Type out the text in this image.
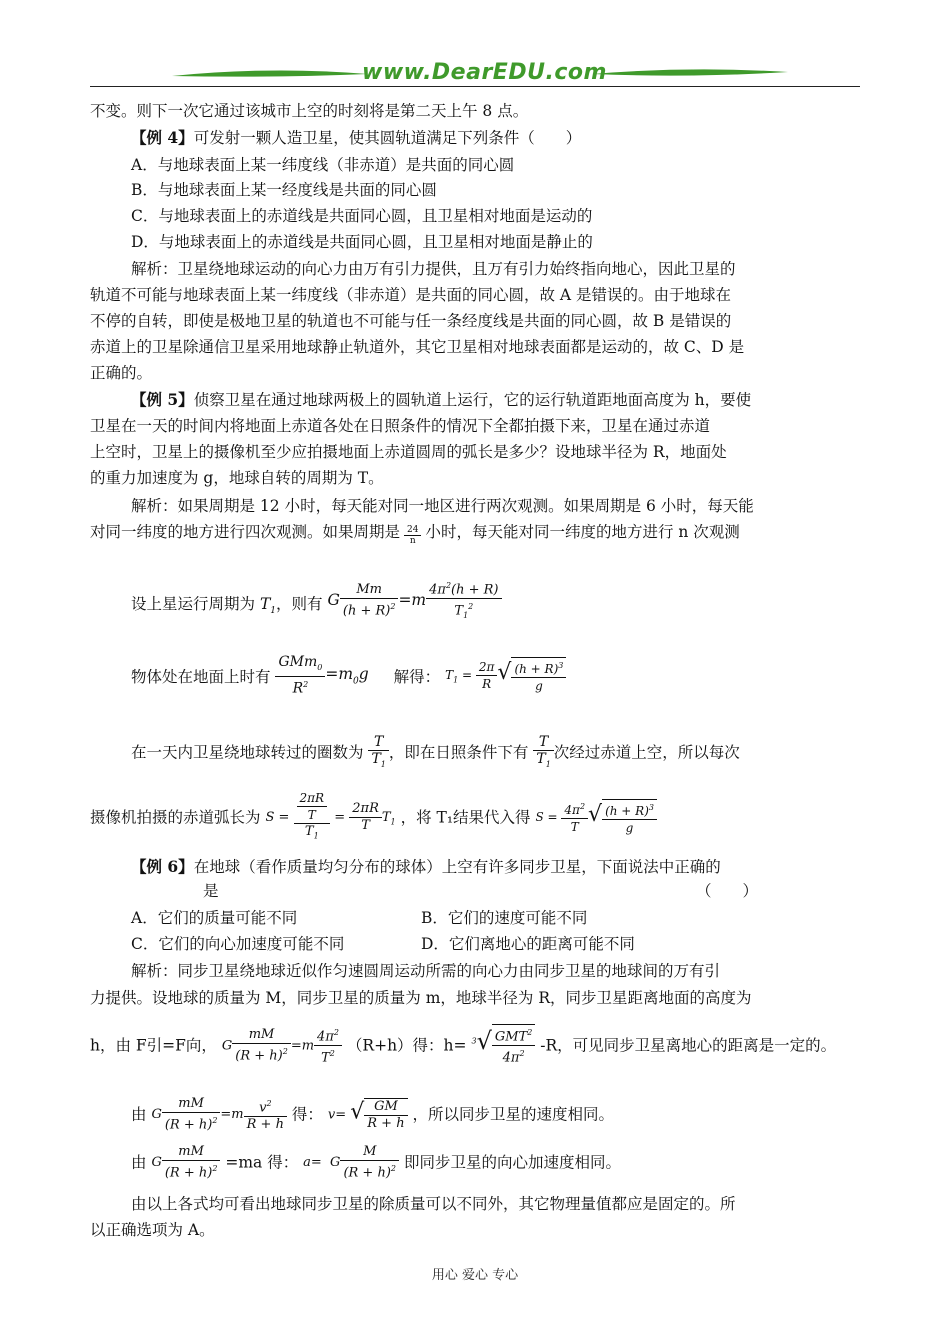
www.DearEDU.com
不变。则下一次它通过该城市上空的时刻将是第二天上午 8 点。
【例 4】可发射一颗人造卫星，使其圆轨道满足下列条件（　　）
A．与地球表面上某一纬度线（非赤道）是共面的同心圆
B．与地球表面上某一经度线是共面的同心圆
C．与地球表面上的赤道线是共面同心圆，且卫星相对地面是运动的
D．与地球表面上的赤道线是共面同心圆，且卫星相对地面是静止的
解析：卫星绕地球运动的向心力由万有引力提供，且万有引力始终指向地心，因此卫星的
轨道不可能与地球表面上某一纬度线（非赤道）是共面的同心圆，故 A 是错误的。由于地球在
不停的自转，即使是极地卫星的轨道也不可能与任一条经度线是共面的同心圆，故 B 是错误的
赤道上的卫星除通信卫星采用地球静止轨道外，其它卫星相对地球表面都是运动的，故 C、D 是
正确的。
【例 5】侦察卫星在通过地球两极上的圆轨道上运行，它的运行轨道距地面高度为 h，要使
卫星在一天的时间内将地面上赤道各处在日照条件的情况下全都拍摄下来，卫星在通过赤道
上空时，卫星上的摄像机至少应拍摄地面上赤道圆周的弧长是多少？设地球半径为 R，地面处
的重力加速度为 g，地球自转的周期为 T。
解析：如果周期是 12 小时，每天能对同一地区进行两次观测。如果周期是 6 小时，每天能
对同一纬度的地方进行四次观测。如果周期是 $\frac{24}{n}$ 小时，每天能对同一纬度的地方进行 n 次观测
设上星运行周期为 $T_1$，则有 G $\frac{Mm}{(h + R)^2} =m \frac{4\pi^2(h + R)}{T_1^2}$
物体处在地面上时有 $\frac{GMm_0}{R^2} =m_0g$ 解得： $T_1 = \frac{2\pi}{R}$ √ $\frac{(h + R)^3}{g}$
在一天内卫星绕地球转过的圈数为 $\frac{T}{T_1}$ ，即在日照条件下有 $\frac{T}{T_1}$ 次经过赤道上空，所以每次
摄像机拍摄的赤道弧长为 $S = \frac{\frac{2\pi R}{T}}{T_1} = \frac{2\pi R}{T} T_1$ ，将 T₁结果代入得 $S = \frac{4\pi^2}{T}$ √ $\frac{(h + R)^3}{g}$
【例 6】在地球（看作质量均匀分布的球体）上空有许多同步卫星，下面说法中正确的
是	（　　）
A．它们的质量可能不同	B．它们的速度可能不同
C．它们的向心加速度可能不同	D．它们离地心的距离可能不同
解析：同步卫星绕地球近似作匀速圆周运动所需的向心力由同步卫星的地球间的万有引
力提供。设地球的质量为 M，同步卫星的质量为 m，地球半径为 R，同步卫星距离地面的高度为
h，由 F引=F向， G $\frac{mM}{(R + h)^2} =m \frac{4\pi^2}{T^2} (R+h)$得：$h= ^3√ \frac{GMT^2}{4\pi^2} -R$，可见同步卫星离地心的距离是一定的。
由 G $\frac{mM}{(R + h)^2} =m \frac{v^2}{R + h}$ 得： v= √ $\frac{GM}{R + h}$ ，所以同步卫星的速度相同。
由 G $\frac{mM}{(R + h)^2} =ma$ 得： a=  G $\frac{M}{(R + h)^2}$ 即同步卫星的向心加速度相同。
由以上各式均可看出地球同步卫星的除质量可以不同外，其它物理量值都应是固定的。所
以正确选项为 A。
用心 爱心 专心
